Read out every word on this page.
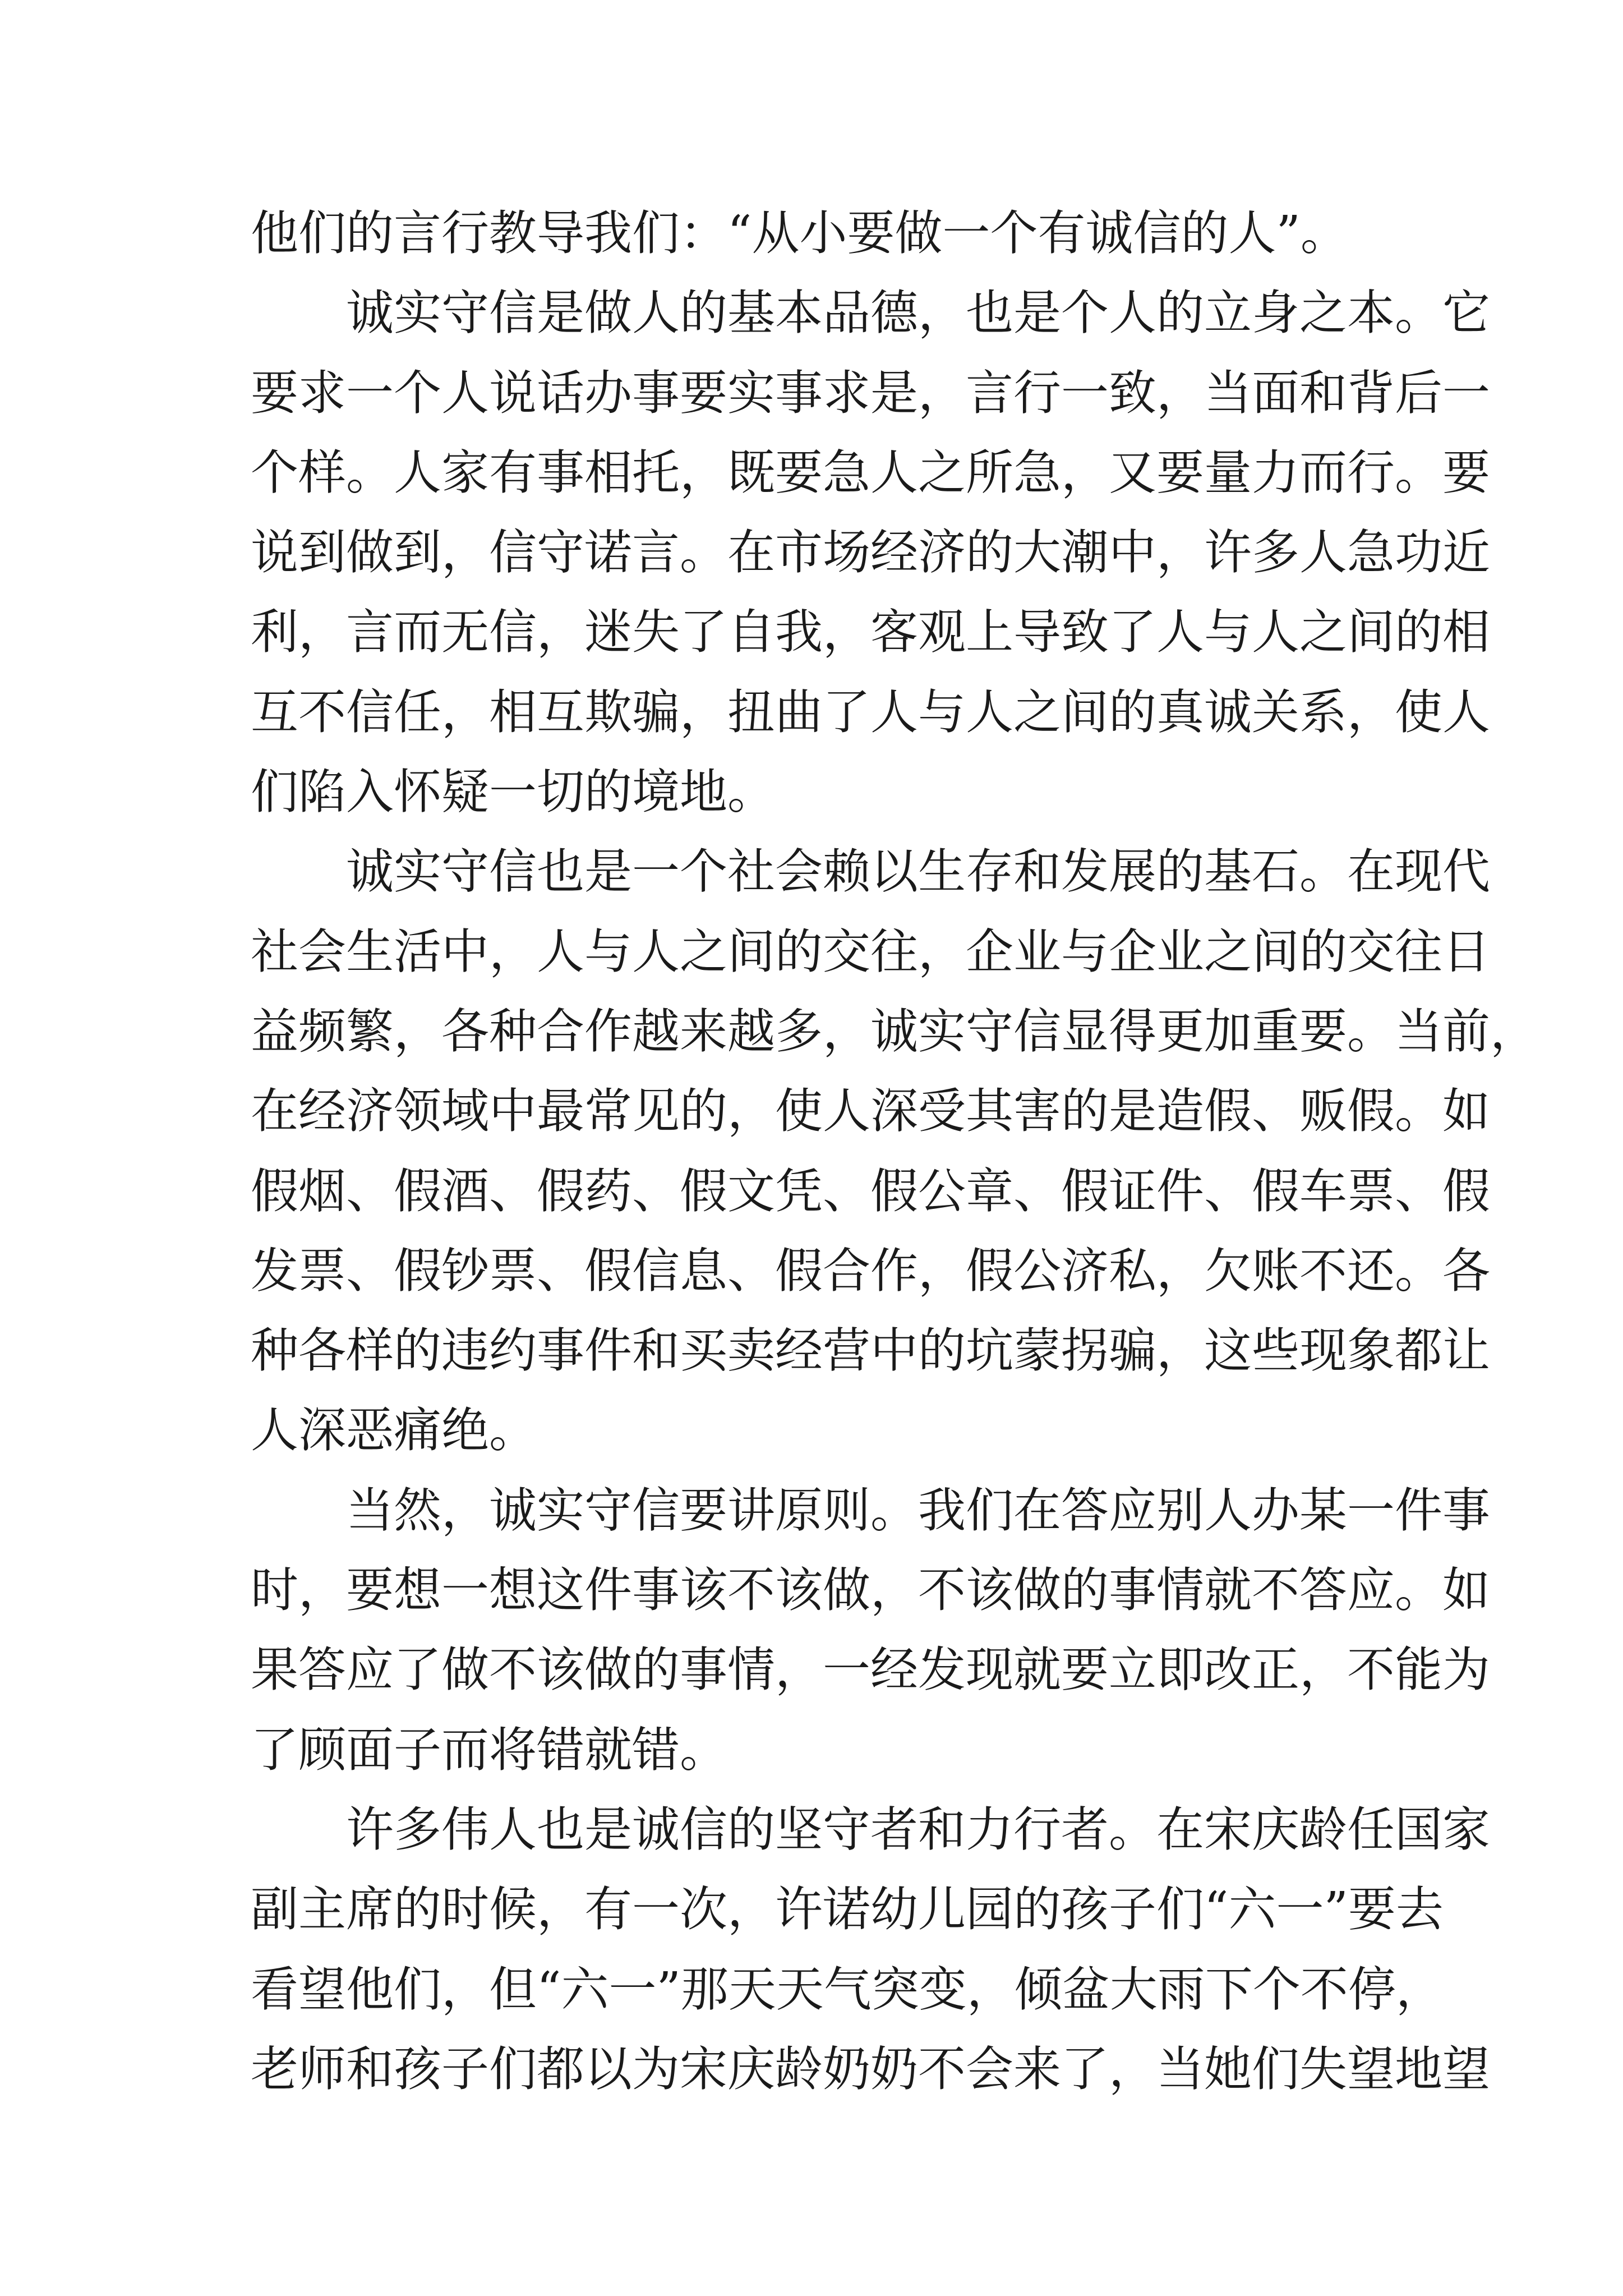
他们的言行教导我们：“从小要做一个有诚信的人”。
诚实守信是做人的基本品德，也是个人的立身之本。它
要求一个人说话办事要实事求是，言行一致，当面和背后一
个样。人家有事相托，既要急人之所急，又要量力而行。要
说到做到，信守诺言。在市场经济的大潮中，许多人急功近
利，言而无信，迷失了自我，客观上导致了人与人之间的相
互不信任，相互欺骗，扭曲了人与人之间的真诚关系，使人
们陷入怀疑一切的境地。
诚实守信也是一个社会赖以生存和发展的基石。在现代
社会生活中，人与人之间的交往，企业与企业之间的交往日
益频繁，各种合作越来越多，诚实守信显得更加重要。当前，
在经济领域中最常见的，使人深受其害的是造假、贩假。如
假烟、假酒、假药、假文凭、假公章、假证件、假车票、假
发票、假钞票、假信息、假合作，假公济私，欠账不还。各
种各样的违约事件和买卖经营中的坑蒙拐骗，这些现象都让
人深恶痛绝。
当然，诚实守信要讲原则。我们在答应别人办某一件事
时，要想一想这件事该不该做，不该做的事情就不答应。如
果答应了做不该做的事情，一经发现就要立即改正，不能为
了顾面子而将错就错。
许多伟人也是诚信的坚守者和力行者。在宋庆龄任国家
副主席的时候，有一次，许诺幼儿园的孩子们“六一”要去
看望他们，但“六一”那天天气突变，倾盆大雨下个不停，
老师和孩子们都以为宋庆龄奶奶不会来了，当她们失望地望
